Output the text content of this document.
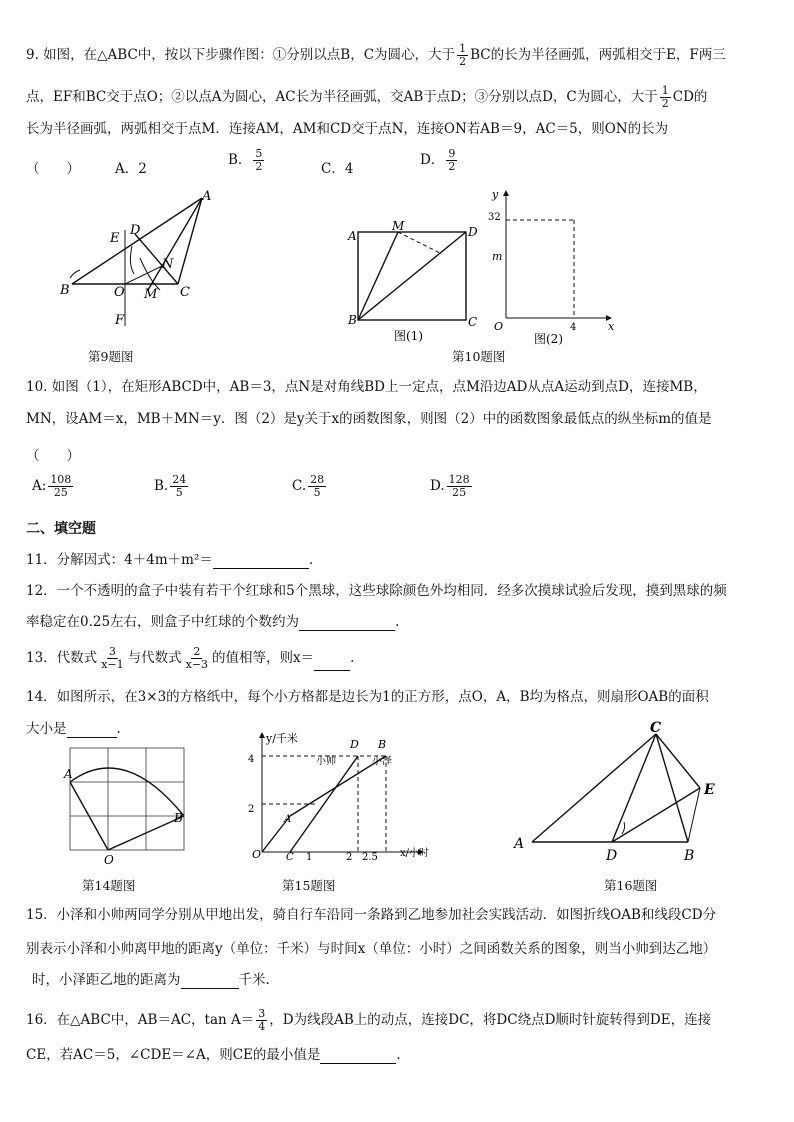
9. 如图，在△ABC中，按以下步骤作图：①分别以点B，C为圆心，大于 $\frac{1}{2}$ BC的长为半径画弧，两弧相交于E，F两三
点，EF和BC交于点O；②以点A为圆心，AC长为半径画弧，交AB于点D；③分别以点D，C为圆心，大于 $\frac{1}{2}$ CD的
长为半径画弧，两弧相交于点M．连接AM，AM和CD交于点N，连接ON若AB＝9，AC＝5，则ON的长为
（　　）	A．2
B． $\frac{5}{2}$	C．4
D． $\frac{9}{2}$
B	C
A
D
E
F
M
N
O
第9题图
A
M	D
B	C
图(1)
y
x
32
m
4
O
图(2)
第10题图
10. 如图（1），在矩形ABCD中，AB＝3，点N是对角线BD上一定点，点M沿边AD从点A运动到点D，连接MB，
MN，设AM＝x，MB＋MN＝y．图（2）是y关于x的函数图象，则图（2）中的函数图象最低点的纵坐标m的值是
（　　）
A: $\frac{108}{25}$	B. $\frac{24}{5}$	C. $\frac{28}{5}$	D. $\frac{128}{25}$
二、填空题
11．分解因式：4＋4m＋m²＝	.
12．一个不透明的盒子中装有若干个红球和5个黑球，这些球除颜色外均相同．经多次摸球试验后发现，摸到黑球的频
率稳定在0.25左右，则盒子中红球的个数约为	.
13．代数式 $\frac{3}{x-1}$ 与代数式 $\frac{2}{x-3}$ 的值相等，则x＝	.
14．如图所示，在3×3的方格纸中，每个小方格都是边长为1的正方形，点O，A，B均为格点，则扇形OAB的面积
大小是	.
A
B
O
第14题图
y/千米
x/小时
4
2
O C 1	2 2.5
小帅	小泽
A
B
D
第15题图
A
C
D	B
E
第16题图
15．小泽和小帅两同学分别从甲地出发，骑自行车沿同一条路到乙地参加社会实践活动．如图折线OAB和线段CD分
别表示小泽和小帅离甲地的距离y（单位：千米）与时间x（单位：小时）之间函数关系的图象，则当小帅到达乙地）
时，小泽距乙地的距离为	千米.
16．在△ABC中，AB＝AC，$\tan A= \frac{3}{4}$ ，D为线段AB上的动点，连接DC，将DC绕点D顺时针旋转得到DE，连接
CE，若AC＝5，∠CDE＝∠A，则CE的最小值是	.
